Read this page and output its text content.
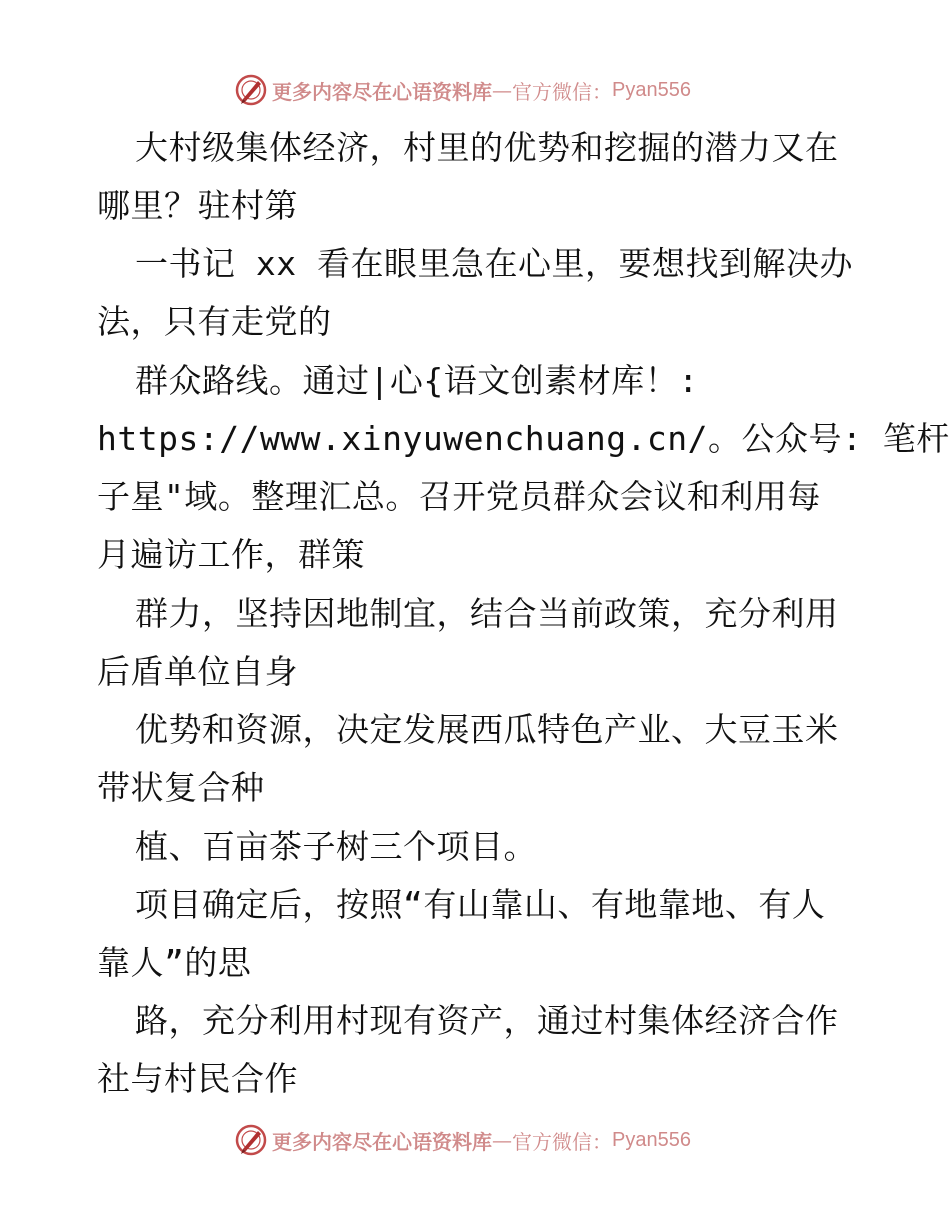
更多内容尽在心语资料库 — 官方微信： Pyan556
大村级集体经济，村里的优势和挖掘的潜力又在
哪里？驻村第
一书记 xx 看在眼里急在心里，要想找到解决办
法，只有走党的
群众路线。通过|心{语文创素材库！:
https://www.xinyuwenchuang.cn/。公众号: 笔杆
子星"域。整理汇总。召开党员群众会议和利用每
月遍访工作，群策
群力，坚持因地制宜，结合当前政策，充分利用
后盾单位自身
优势和资源，决定发展西瓜特色产业、大豆玉米
带状复合种
植、百亩茶子树三个项目。
项目确定后，按照“有山靠山、有地靠地、有人
靠人”的思
路，充分利用村现有资产，通过村集体经济合作
社与村民合作
更多内容尽在心语资料库 — 官方微信： Pyan556
